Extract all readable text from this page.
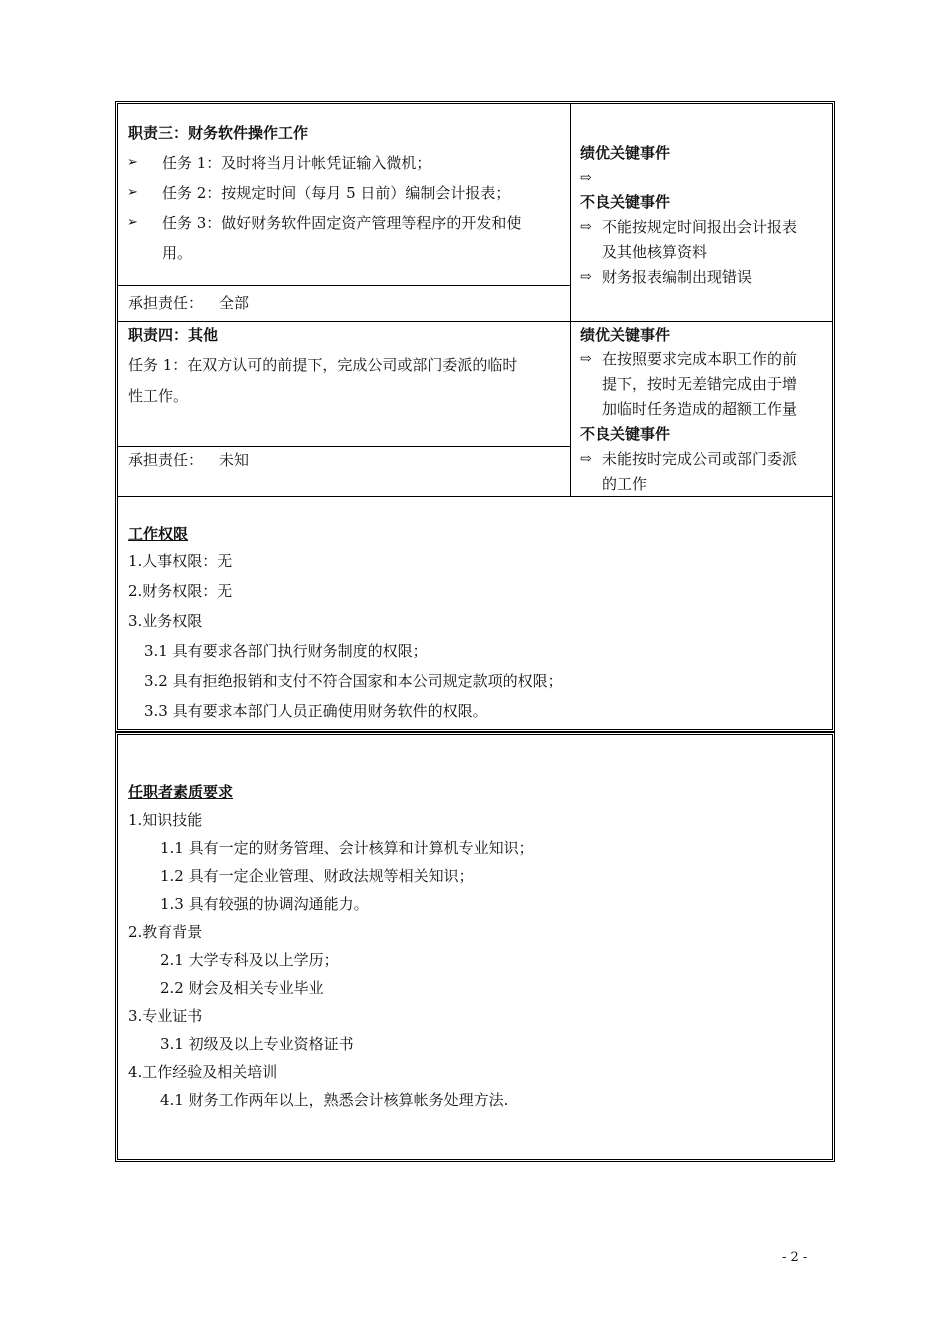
职责三：财务软件操作工作
➢ 任务 1：及时将当月计帐凭证输入微机；
➢ 任务 2：按规定时间（每月 5 日前）编制会计报表；
➢ 任务 3：做好财务软件固定资产管理等程序的开发和使
用。
承担责任： 全部
绩优关键事件
⇨
不良关键事件
⇨ 不能按规定时间报出会计报表
及其他核算资料
⇨ 财务报表编制出现错误
职责四：其他
任务 1：在双方认可的前提下，完成公司或部门委派的临时
性工作。
承担责任： 未知
绩优关键事件
⇨ 在按照要求完成本职工作的前
提下，按时无差错完成由于增
加临时任务造成的超额工作量
不良关键事件
⇨ 未能按时完成公司或部门委派
的工作
工作权限
1.人事权限：无
2.财务权限：无
3.业务权限
3.1 具有要求各部门执行财务制度的权限；
3.2 具有拒绝报销和支付不符合国家和本公司规定款项的权限；
3.3 具有要求本部门人员正确使用财务软件的权限。
任职者素质要求
1.知识技能
1.1 具有一定的财务管理、会计核算和计算机专业知识；
1.2 具有一定企业管理、财政法规等相关知识；
1.3 具有较强的协调沟通能力。
2.教育背景
2.1 大学专科及以上学历；
2.2 财会及相关专业毕业
3.专业证书
3.1 初级及以上专业资格证书
4.工作经验及相关培训
4.1 财务工作两年以上，熟悉会计核算帐务处理方法.
- 2 -
